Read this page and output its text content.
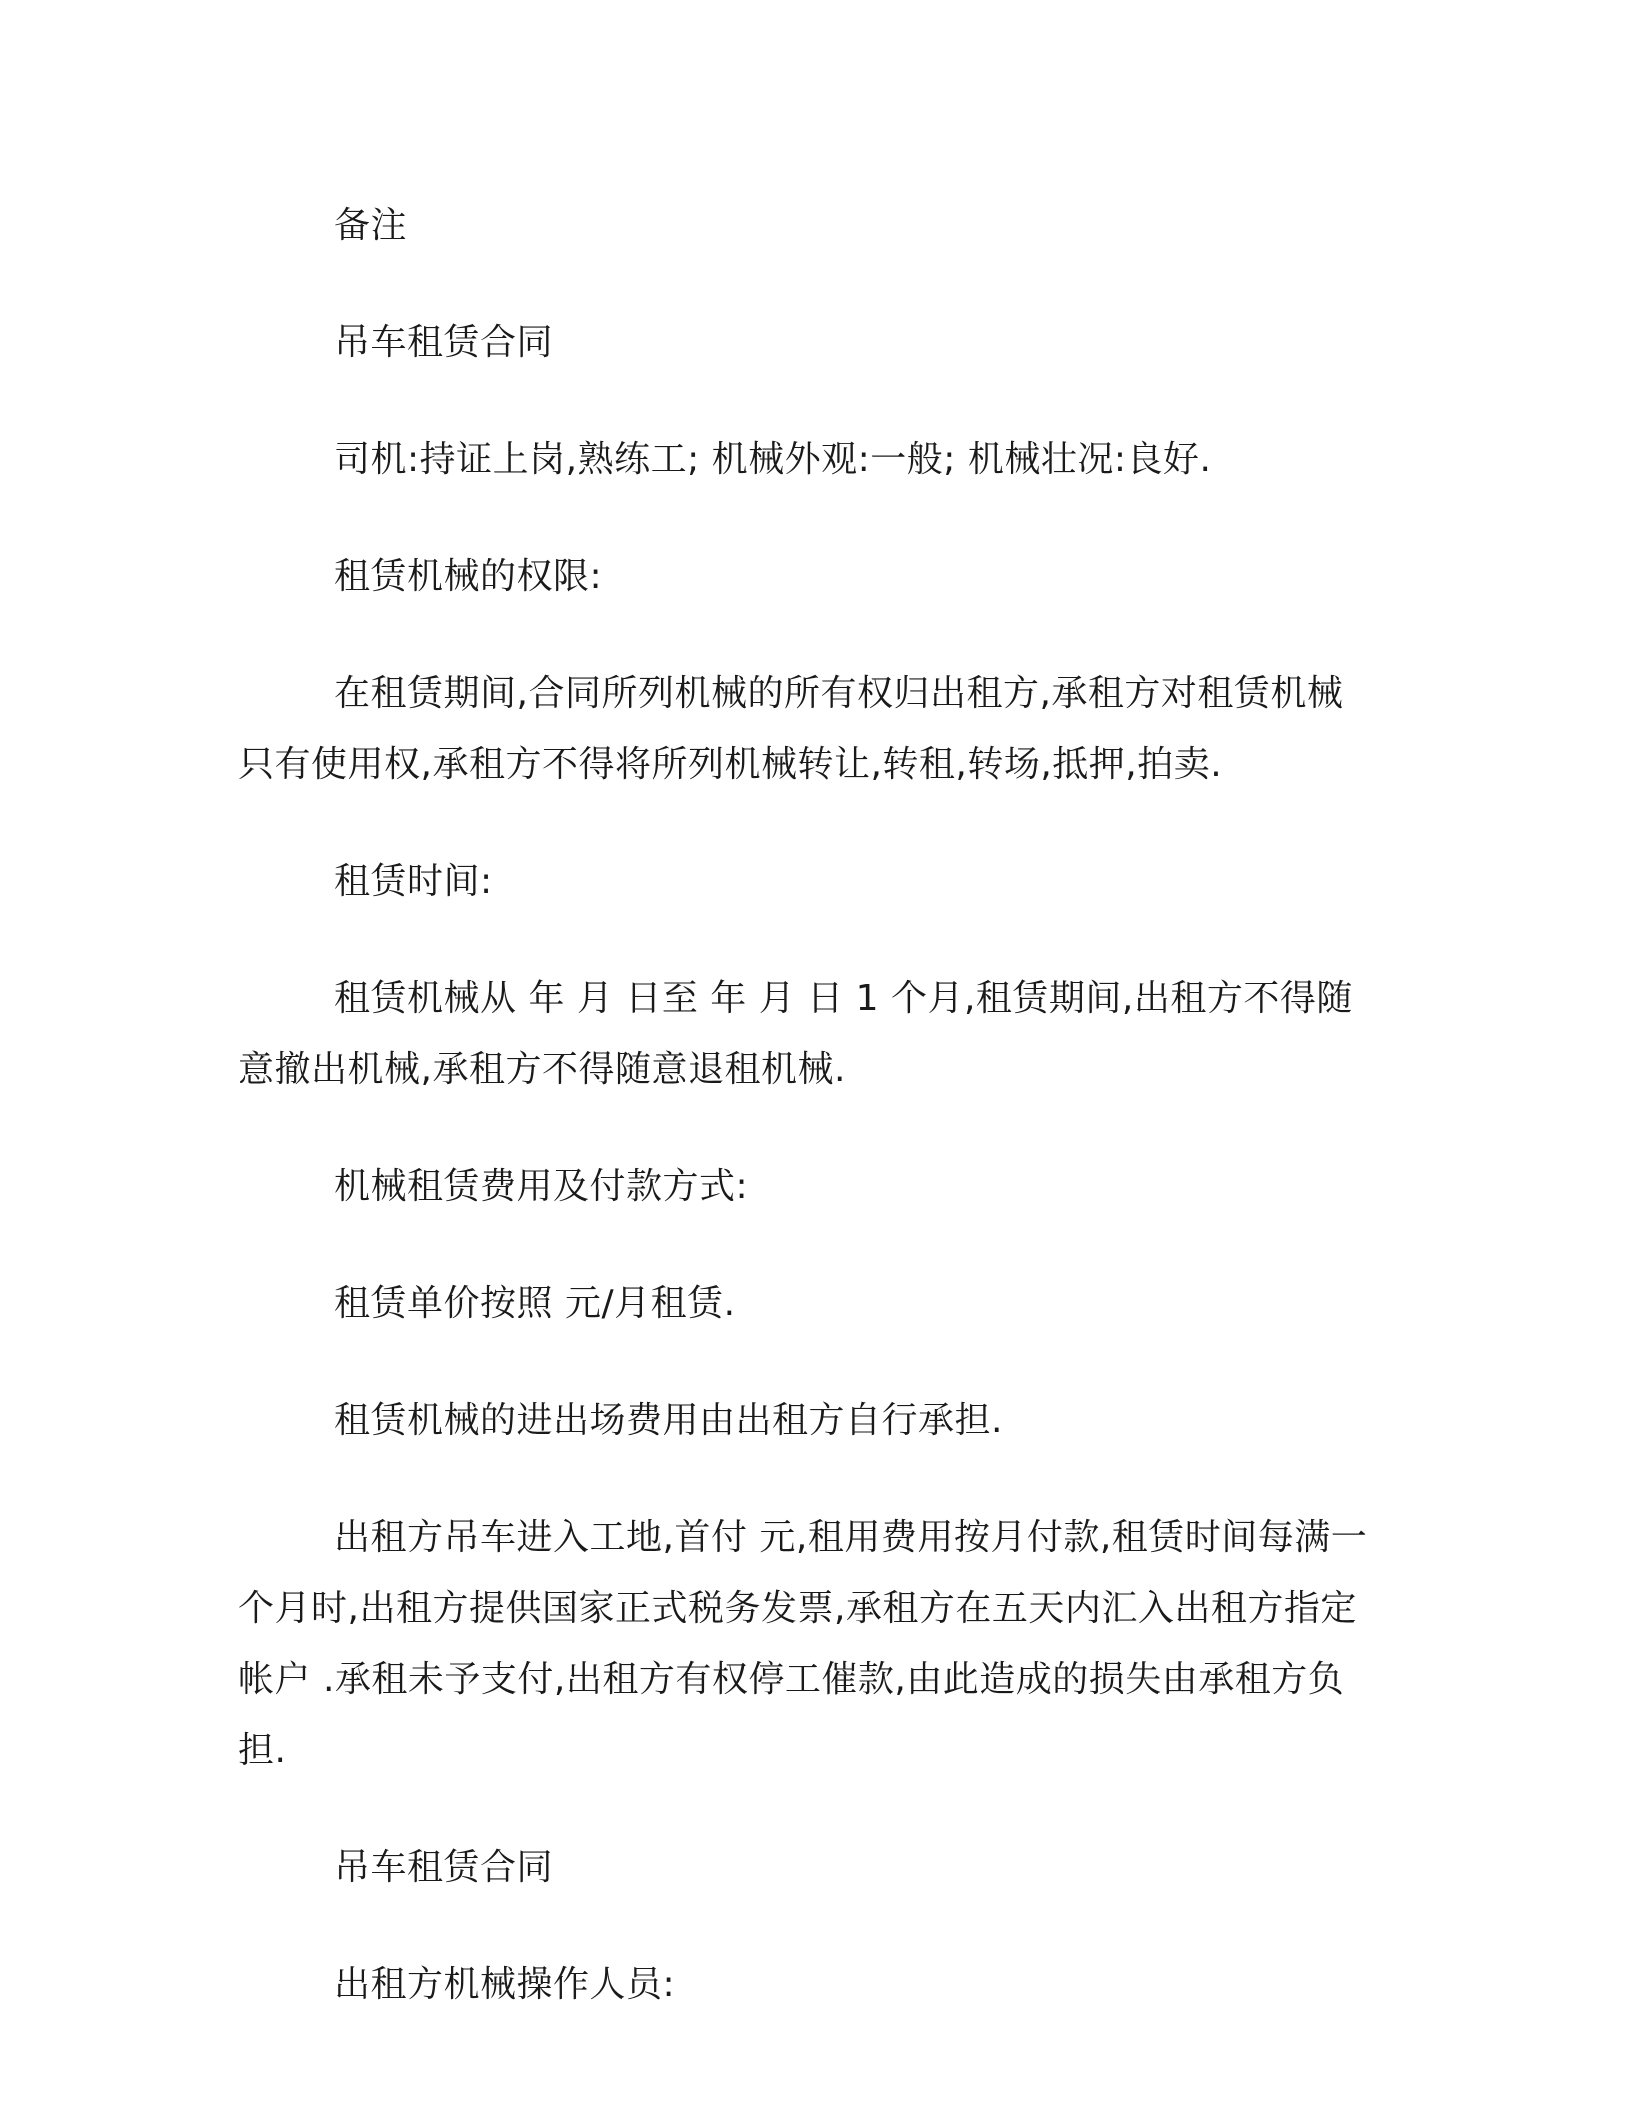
备注

吊车租赁合同

司机:持证上岗,熟练工; 机械外观:一般; 机械壮况:良好.

租赁机械的权限:

在租赁期间,合同所列机械的所有权归出租方,承租方对租赁机械只有使用权,承租方不得将所列机械转让,转租,转场,抵押,拍卖.

租赁时间:

租赁机械从 年 月 日至 年 月 日 1 个月,租赁期间,出租方不得随意撤出机械,承租方不得随意退租机械.

机械租赁费用及付款方式:

租赁单价按照 元/月租赁.

租赁机械的进出场费用由出租方自行承担.

出租方吊车进入工地,首付 元,租用费用按月付款,租赁时间每满一个月时,出租方提供国家正式税务发票,承租方在五天内汇入出租方指定帐户 .承租未予支付,出租方有权停工催款,由此造成的损失由承租方负担.

吊车租赁合同

出租方机械操作人员:
